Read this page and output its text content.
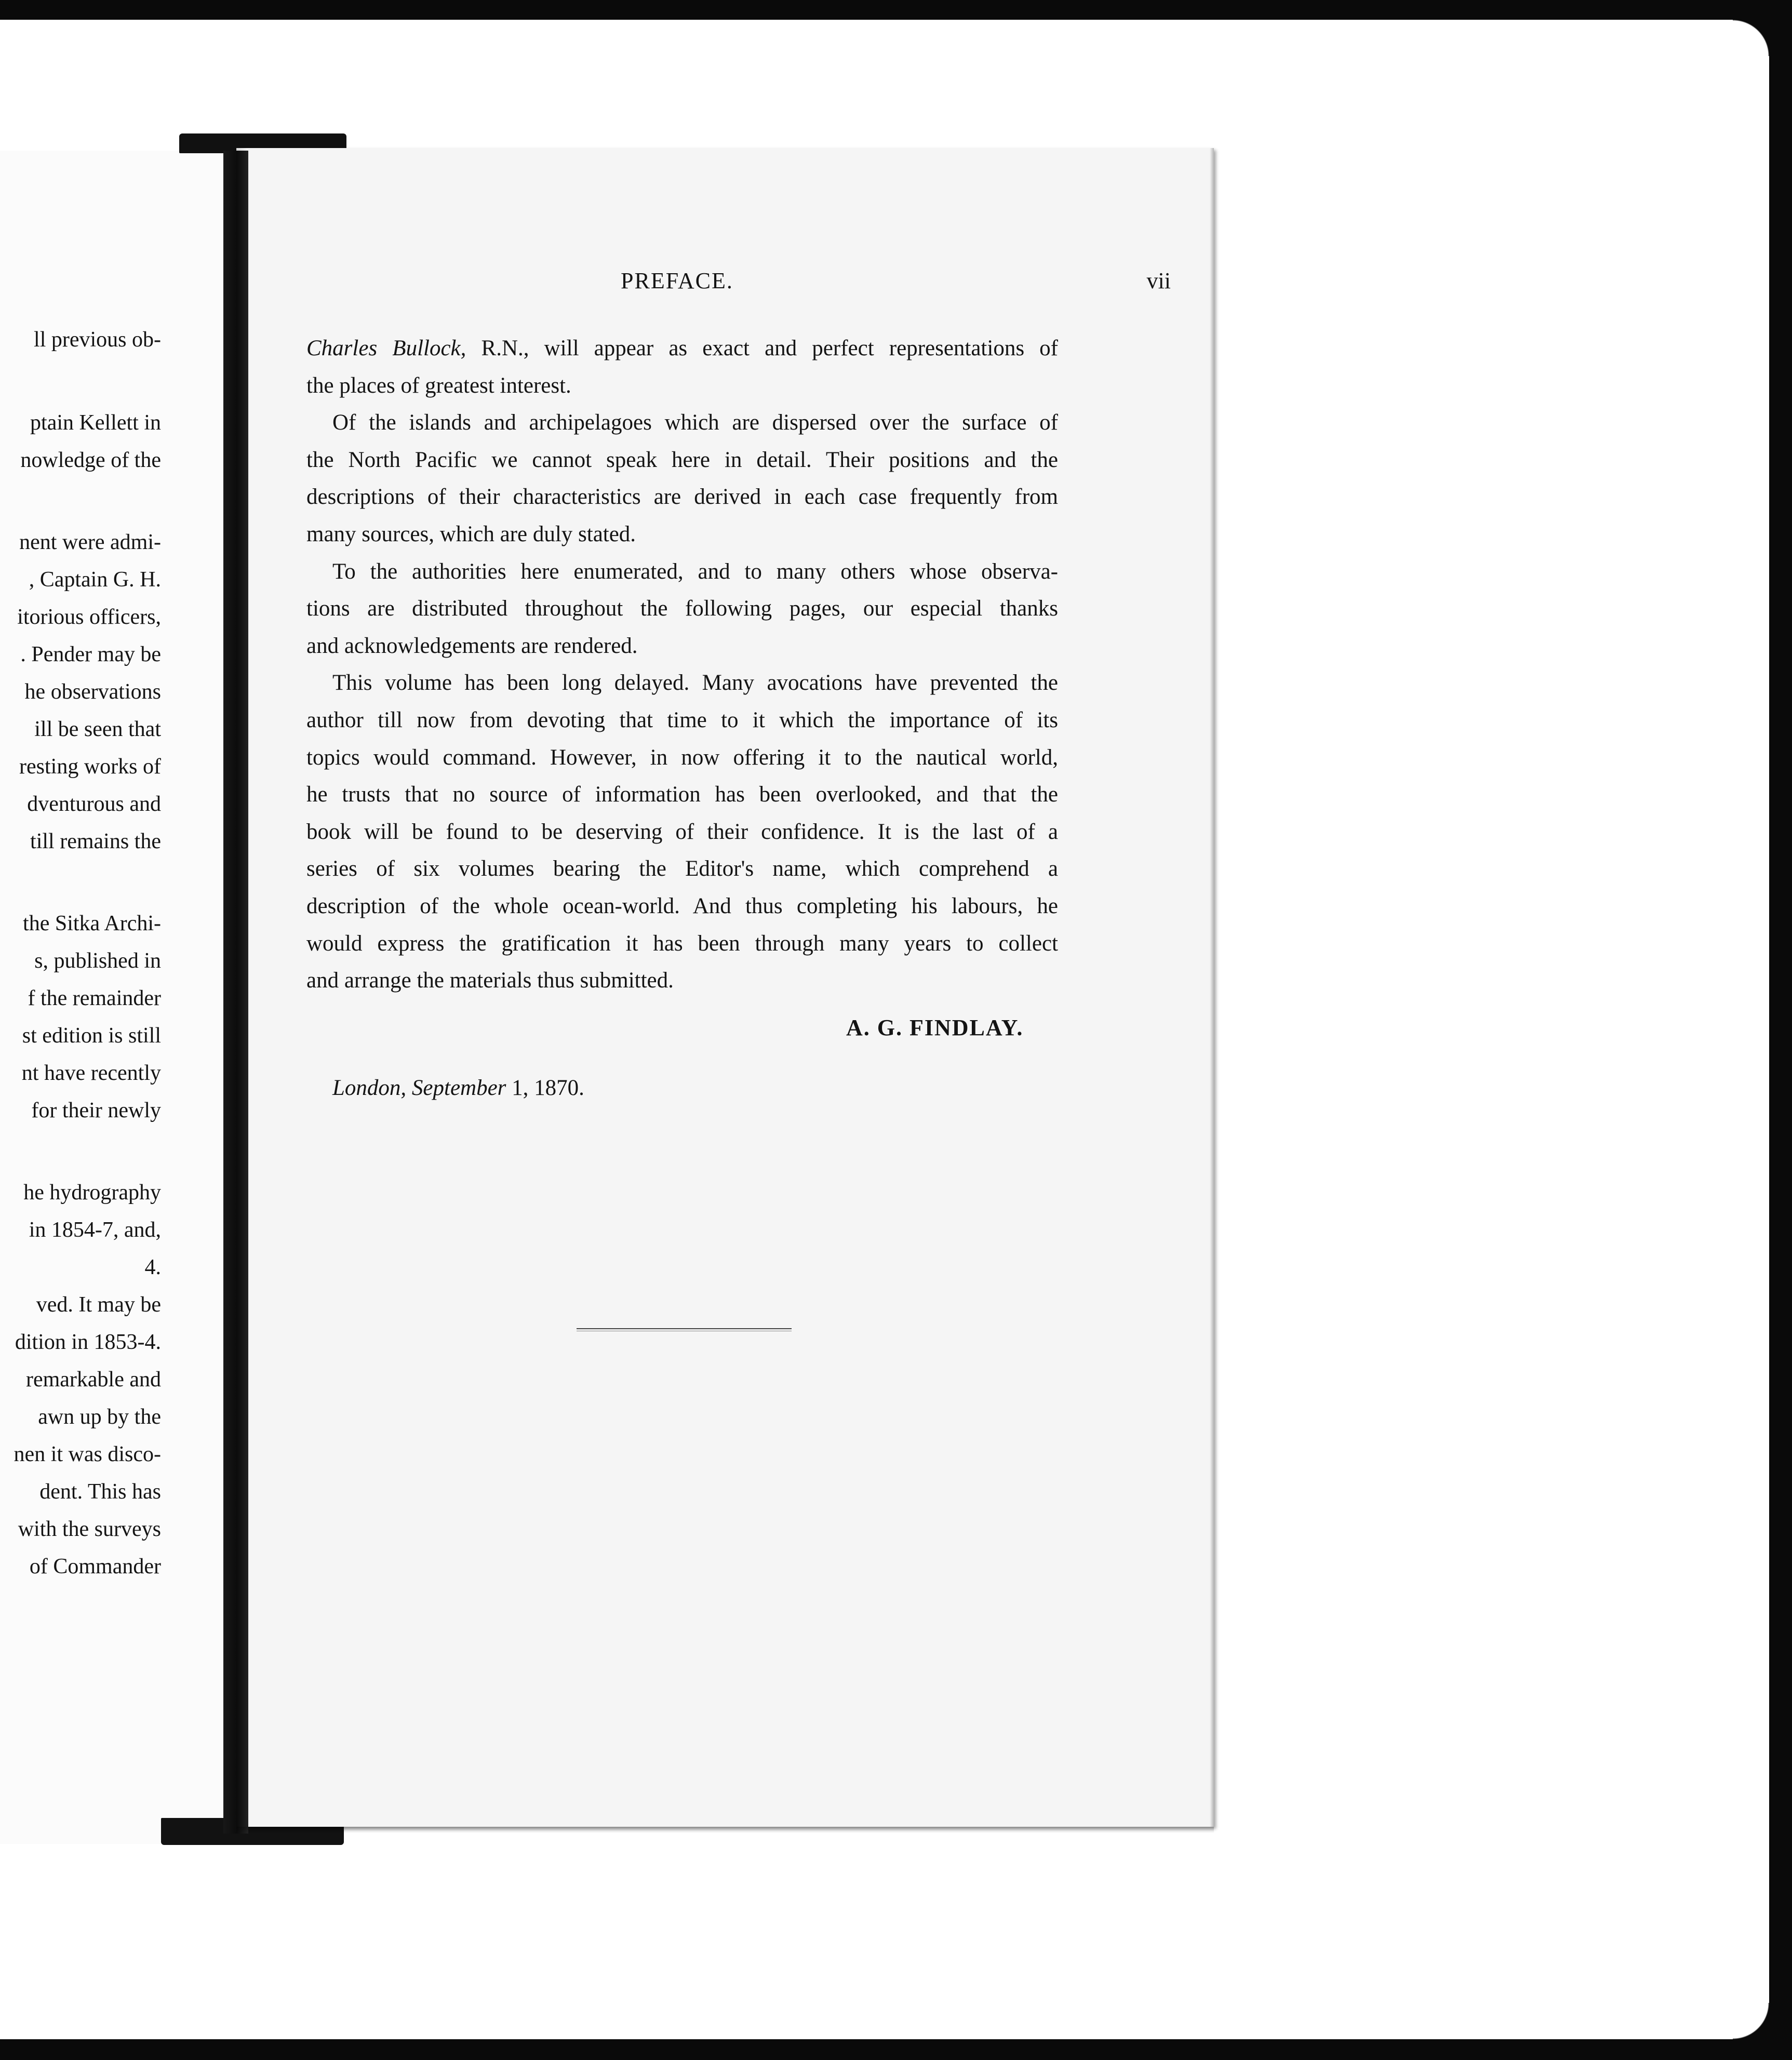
ll previous ob-
ptain Kellett in
nowledge of the
nent were admi-
, Captain G. H.
itorious officers,
. Pender may be
he observations
ill be seen that
resting works of
dventurous and
till remains the
the Sitka Archi-
s, published in
f the remainder
st edition is still
nt have recently
for their newly
he hydrography
in 1854-7, and,
4.
ved. It may be
dition in 1853-4.
remarkable and
awn up by the
nen it was disco-
dent. This has
with the surveys
of Commander
PREFACE.	vii
Charles Bullock, R.N., will appear as exact and perfect representations of
the places of greatest interest.
Of the islands and archipelagoes which are dispersed over the surface of
the North Pacific we cannot speak here in detail. Their positions and the
descriptions of their characteristics are derived in each case frequently from
many sources, which are duly stated.
To the authorities here enumerated, and to many others whose observa-
tions are distributed throughout the following pages, our especial thanks
and acknowledgements are rendered.
This volume has been long delayed. Many avocations have prevented the
author till now from devoting that time to it which the importance of its
topics would command. However, in now offering it to the nautical world,
he trusts that no source of information has been overlooked, and that the
book will be found to be deserving of their confidence. It is the last of a
series of six volumes bearing the Editor's name, which comprehend a
description of the whole ocean-world. And thus completing his labours, he
would express the gratification it has been through many years to collect
and arrange the materials thus submitted.
A. G. FINDLAY.
London, September 1, 1870.
